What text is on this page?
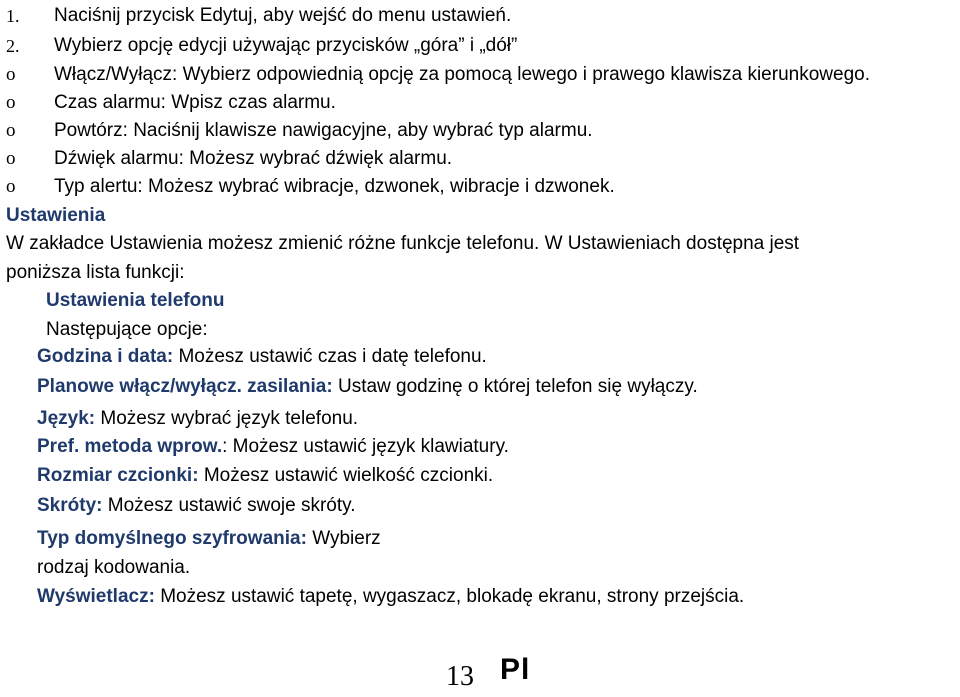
1. Naciśnij przycisk Edytuj, aby wejść do menu ustawień.
2. Wybierz opcję edycji używając przycisków „góra” i „dół”
o Włącz/Wyłącz: Wybierz odpowiednią opcję za pomocą lewego i prawego klawisza kierunkowego.
o Czas alarmu: Wpisz czas alarmu.
o Powtórz: Naciśnij klawisze nawigacyjne, aby wybrać typ alarmu.
o Dźwięk alarmu: Możesz wybrać dźwięk alarmu.
o Typ alertu: Możesz wybrać wibracje, dzwonek, wibracje i dzwonek.
Ustawienia
W zakładce Ustawienia możesz zmienić różne funkcje telefonu. W Ustawieniach dostępna jest
poniższa lista funkcji:
Ustawienia telefonu
Następujące opcje:
Godzina i data: Możesz ustawić czas i datę telefonu.
Planowe włącz/wyłącz. zasilania: Ustaw godzinę o której telefon się wyłączy.
Język: Możesz wybrać język telefonu.
Pref. metoda wprow.: Możesz ustawić język klawiatury.
Rozmiar czcionki: Możesz ustawić wielkość czcionki.
Skróty: Możesz ustawić swoje skróty.
Typ domyślnego szyfrowania: Wybierz
rodzaj kodowania.
Wyświetlacz: Możesz ustawić tapetę, wygaszacz, blokadę ekranu, strony przejścia.
13 Pl
